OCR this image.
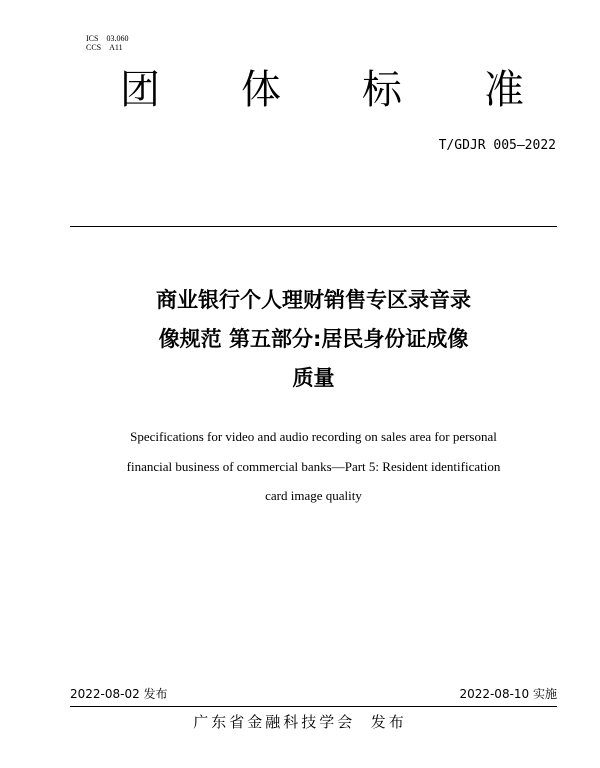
ICS 03.060
CCS A11
团 体 标 准
T/GDJR 005—2022
商业银行个人理财销售专区录音录
像规范 第五部分:居民身份证成像
质量
Specifications for video and audio recording on sales area for personal
financial business of commercial banks—Part 5: Resident identification
card image quality
2022-08-02 发布	2022-08-10 实施
广东省金融科技学会  发布
